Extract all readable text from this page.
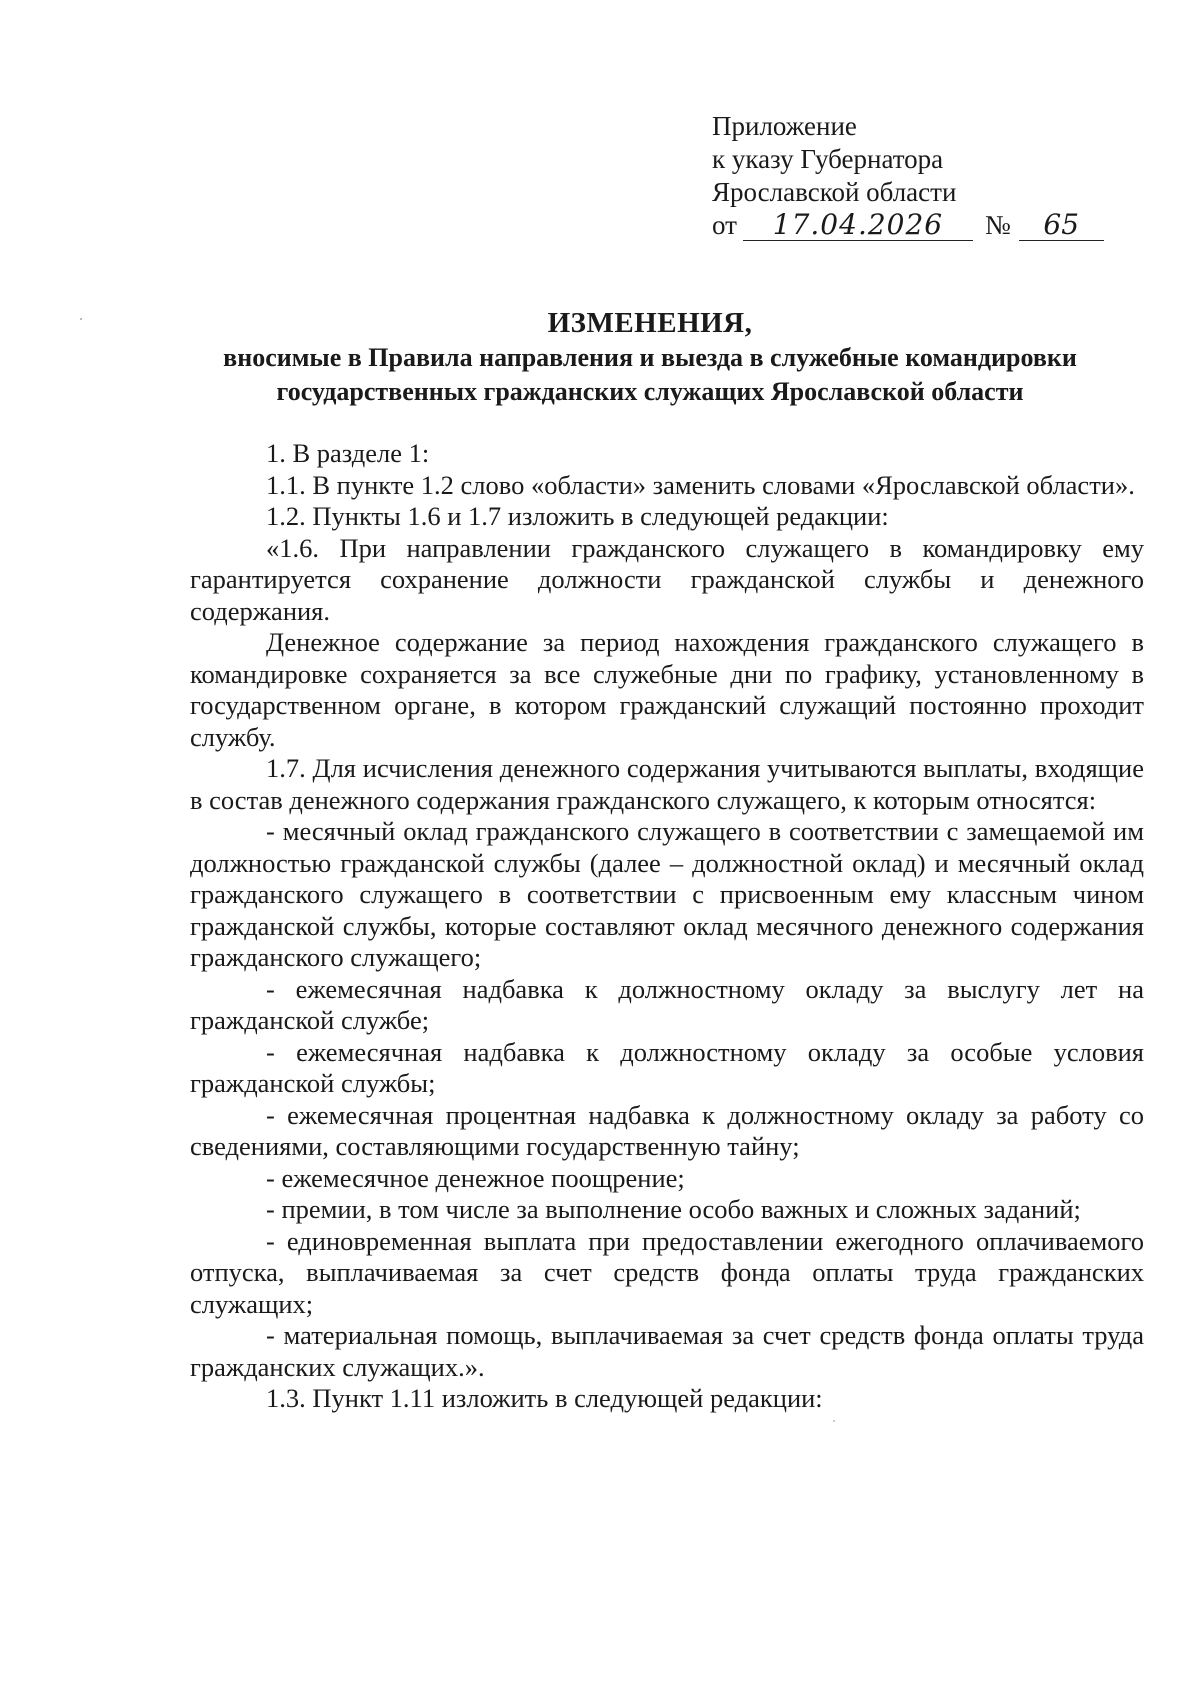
Приложение
к указу Губернатора
Ярославской области
от 17.04.2026 № 65
ИЗМЕНЕНИЯ,
вносимые в Правила направления и выезда в служебные командировки
государственных гражданских служащих Ярославской области

1. В разделе 1:

1.1. В пункте 1.2 слово «области» заменить словами «Ярославской области».

1.2. Пункты 1.6 и 1.7 изложить в следующей редакции:

«1.6. При направлении гражданского служащего в командировку ему гарантируется сохранение должности гражданской службы и денежного содержания.

Денежное содержание за период нахождения гражданского служащего в командировке сохраняется за все служебные дни по графику, установленному в государственном органе, в котором гражданский служащий постоянно проходит службу.

1.7. Для исчисления денежного содержания учитываются выплаты, входящие в состав денежного содержания гражданского служащего, к которым относятся:

- месячный оклад гражданского служащего в соответствии с замещаемой им должностью гражданской службы (далее – должностной оклад) и месячный оклад гражданского служащего в соответствии с присвоенным ему классным чином гражданской службы, которые составляют оклад месячного денежного содержания гражданского служащего;

- ежемесячная надбавка к должностному окладу за выслугу лет на гражданской службе;

- ежемесячная надбавка к должностному окладу за особые условия гражданской службы;

- ежемесячная процентная надбавка к должностному окладу за работу со сведениями, составляющими государственную тайну;

- ежемесячное денежное поощрение;

- премии, в том числе за выполнение особо важных и сложных заданий;

- единовременная выплата при предоставлении ежегодного оплачиваемого отпуска, выплачиваемая за счет средств фонда оплаты труда гражданских служащих;

- материальная помощь, выплачиваемая за счет средств фонда оплаты труда гражданских служащих.».

1.3. Пункт 1.11 изложить в следующей редакции:
